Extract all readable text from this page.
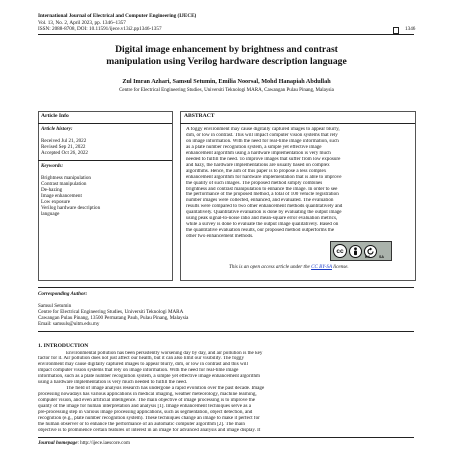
International Journal of Electrical and Computer Engineering (IJECE)
Vol. 13, No. 2, April 2023, pp. 1346~1357
ISSN: 2088-8708, DOI: 10.11591/ijece.v13i2.pp1346-1357	1346
Digital image enhancement by brightness and contrast
manipulation using Verilog hardware description language
Zul Imran Azhari, Samsul Setumin, Emilia Noorsal, Mohd Hanapiah Abdullah
Centre for Electrical Engineering Studies, Universiti Teknologi MARA, Cawangan Pulau Pinang, Malaysia
Article Info
Article history:
Received Jul 21, 2022
Revised Sep 21, 2022
Accepted Oct 26, 2022
Keywords:
Brightness manipulation
Contrast manipulation
De-hazing
Image enhancement
Low exposure
Verilog hardware description
language
ABSTRACT
A foggy environment may cause digitally captured images to appear blurry,
dim, or low in contrast. This will impact computer vision systems that rely
on image information. With the need for real-time image information, such
as a plate number recognition system, a simple yet effective image
enhancement algorithm using a hardware implementation is very much
needed to fulfill the need. To improve images that suffer from low exposure
and hazy, the hardware implementations are usually based on complex
algorithms. Hence, the aim of this paper is to propose a less complex
enhancement algorithm for hardware implementation that is able to improve
the quality of such images. The proposed method simply combines
brightness and contrast manipulation to enhance the image. In order to see
the performance of the proposed method, a total of 100 vehicle registration
number images were collected, enhanced, and evaluated. The evaluation
results were compared to two other enhancement methods quantitatively and
qualitatively. Quantitative evaluation is done by evaluating the output image
using peak signal-to-noise ratio and mean-square error evaluation metrics,
while a survey is done to evaluate the output image qualitatively. Based on
the quantitative evaluation results, our proposed method outperforms the
other two enhancement methods.
cc
BY	SA
This is an open access article under the CC BY-SA license.
Corresponding Author:
Samsul Setumin
Centre for Electrical Engineering Studies, Universiti Teknologi MARA
Cawangan Pulau Pinang, 13500 Permatang Pauh, Pulau Pinang, Malaysia
Email: samsuls@uitm.edu.my
1. INTRODUCTION
Environmental pollution has been persistently worsening day by day, and air pollution is the key
factor for it. Air pollution does not just affect our health, but it can also limit our visibility. The foggy
environment may cause digitally captured images to appear blurry, dim, or low in contrast and this will
impact computer vision systems that rely on image information. With the need for real-time image
information, such as a plate number recognition system, a simple yet effective image enhancement algorithm
using a hardware implementation is very much needed to fulfill the need.
The field of image analysis research has undergone a rapid evolution over the past decade. Image
processing nowadays has various applications in medical imaging, weather meteorology, machine learning,
computer vision, and even artificial intelligence. The main objective of image processing is to improve the
quality of the image for human interpretation and analysis [1]. Image enhancement techniques serve as a
pre-processing step in various image processing applications, such as segmentation, object detection, and
recognition (e.g., plate number recognition system). These techniques change an image to make it perfect for
the human observer or to enhance the performance of an automatic computer algorithm [2]. The main
objective is to prominence certain features of interest in an image for advanced analysis and image display. It
Journal homepage: http://ijece.iaescore.com
